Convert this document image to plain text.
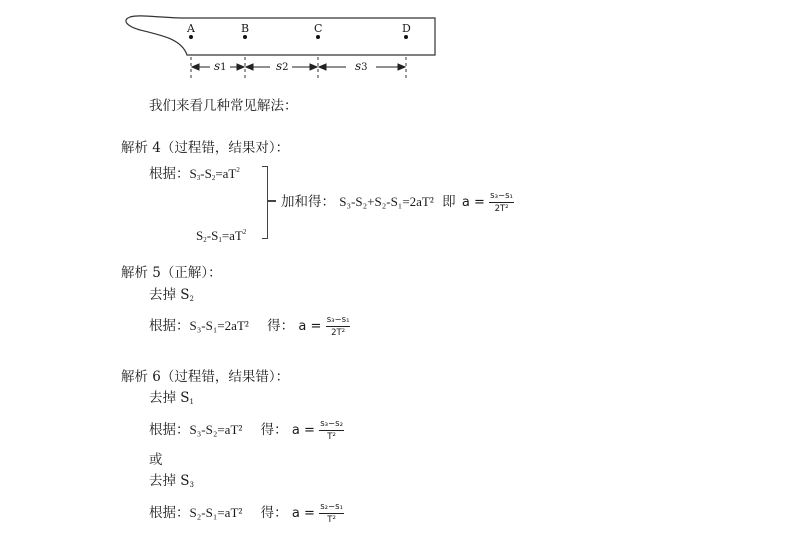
A	B	C	D
s1	s2	s3
我们来看几种常见解法：
解析 4（过程错，结果对）：
根据：$S_3-S_2=aT^2$
$S_2-S_1=aT^2$
加和得： S₃-S₂+S₂-S₁=2aT² 即 $a = \frac{\text{s₃−s₁}}{\text{2T²}}$
解析 5（正解）：
去掉 $S_2$
根据：S₃-S₁=2aT² 得： $a = \frac{\text{s₃−s₁}}{\text{2T²}}$
解析 6（过程错，结果错）：
去掉 $S_1$
根据：S₃-S₂=aT² 得： $a = \frac{\text{s₃−s₂}}{\text{T²}}$
或
去掉 $S_3$
根据：S₂-S₁=aT² 得： $a = \frac{\text{s₂−s₁}}{\text{T²}}$
